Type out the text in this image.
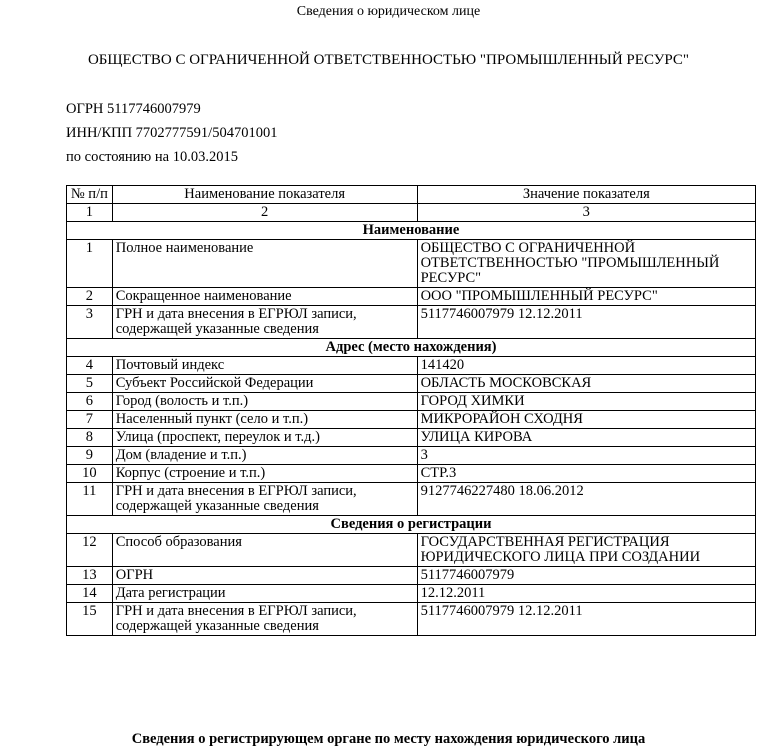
Сведения о юридическом лице
ОБЩЕСТВО С ОГРАНИЧЕННОЙ ОТВЕТСТВЕННОСТЬЮ "ПРОМЫШЛЕННЫЙ РЕСУРС"
ОГРН 5117746007979
ИНН/КПП 7702777591/504701001
по состоянию на 10.03.2015
№ п/п	Наименование показателя	Значение показателя
1	2	3
Наименование		
1	Полное наименование	ОБЩЕСТВО С ОГРАНИЧЕННОЙ ОТВЕТСТВЕННОСТЬЮ "ПРОМЫШЛЕННЫЙ РЕСУРС"
2	Сокращенное наименование	ООО "ПРОМЫШЛЕННЫЙ РЕСУРС"
3	ГРН и дата внесения в ЕГРЮЛ записи, содержащей указанные сведения	5117746007979 12.12.2011
Адрес (место нахождения)		
4	Почтовый индекс	141420
5	Субъект Российской Федерации	ОБЛАСТЬ МОСКОВСКАЯ
6	Город (волость и т.п.)	ГОРОД ХИМКИ
7	Населенный пункт (село и т.п.)	МИКРОРАЙОН СХОДНЯ
8	Улица (проспект, переулок и т.д.)	УЛИЦА КИРОВА
9	Дом (владение и т.п.)	3
10	Корпус (строение и т.п.)	СТР.3
11	ГРН и дата внесения в ЕГРЮЛ записи, содержащей указанные сведения	9127746227480 18.06.2012
Сведения о регистрации		
12	Способ образования	ГОСУДАРСТВЕННАЯ РЕГИСТРАЦИЯ ЮРИДИЧЕСКОГО ЛИЦА ПРИ СОЗДАНИИ
13	ОГРН	5117746007979
14	Дата регистрации	12.12.2011
15	ГРН и дата внесения в ЕГРЮЛ записи, содержащей указанные сведения	5117746007979 12.12.2011
Сведения о регистрирующем органе по месту нахождения юридического лица
